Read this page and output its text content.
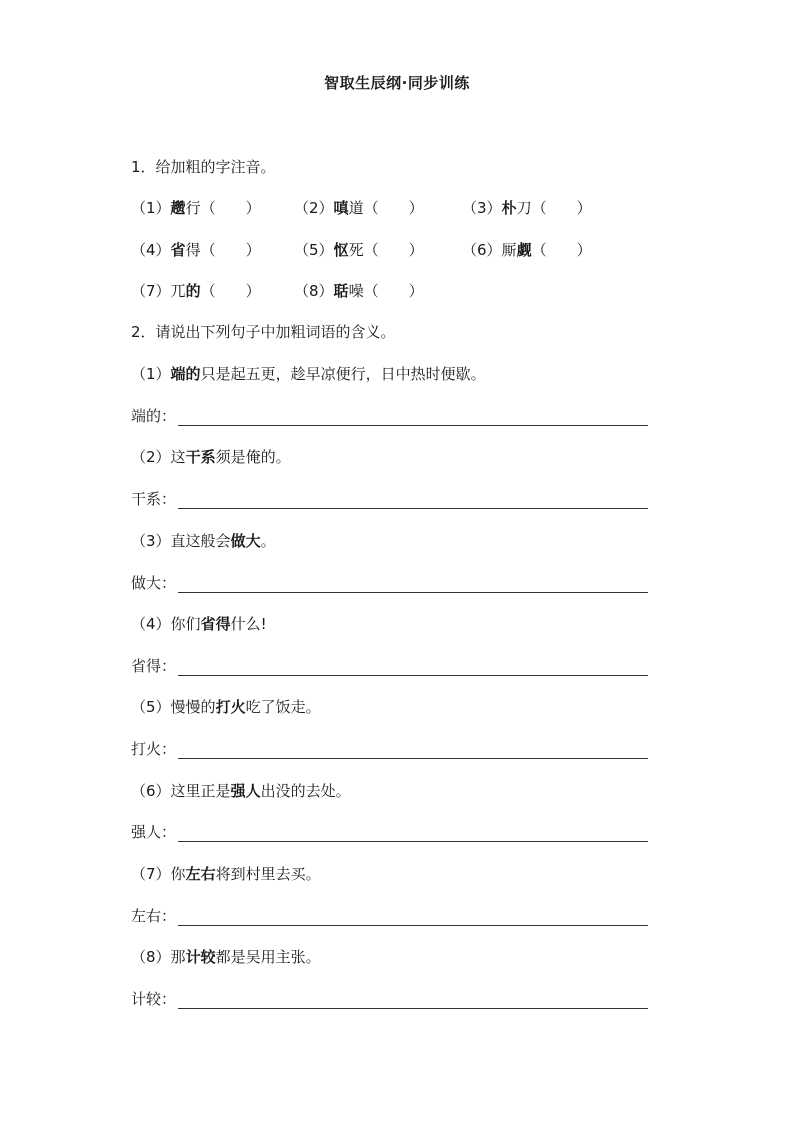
智取生辰纲·同步训练
1．给加粗的字注音。
（1）趱行（　　） （2）嗔道（　　）	（3）朴刀（　　）
（4）省得（　　） （5）怄死（　　）	（6）厮觑（　　）
（7）兀的（　　） （8）聒噪（　　）
2．请说出下列句子中加粗词语的含义。
（1）端的只是起五更，趁早凉便行，日中热时便歇。
端的：
（2）这干系须是俺的。
干系：
（3）直这般会做大。
做大：
（4）你们省得什么!
省得：
（5）慢慢的打火吃了饭走。
打火：
（6）这里正是强人出没的去处。
强人：
（7）你左右将到村里去买。
左右：
（8）那计较都是吴用主张。
计较：
